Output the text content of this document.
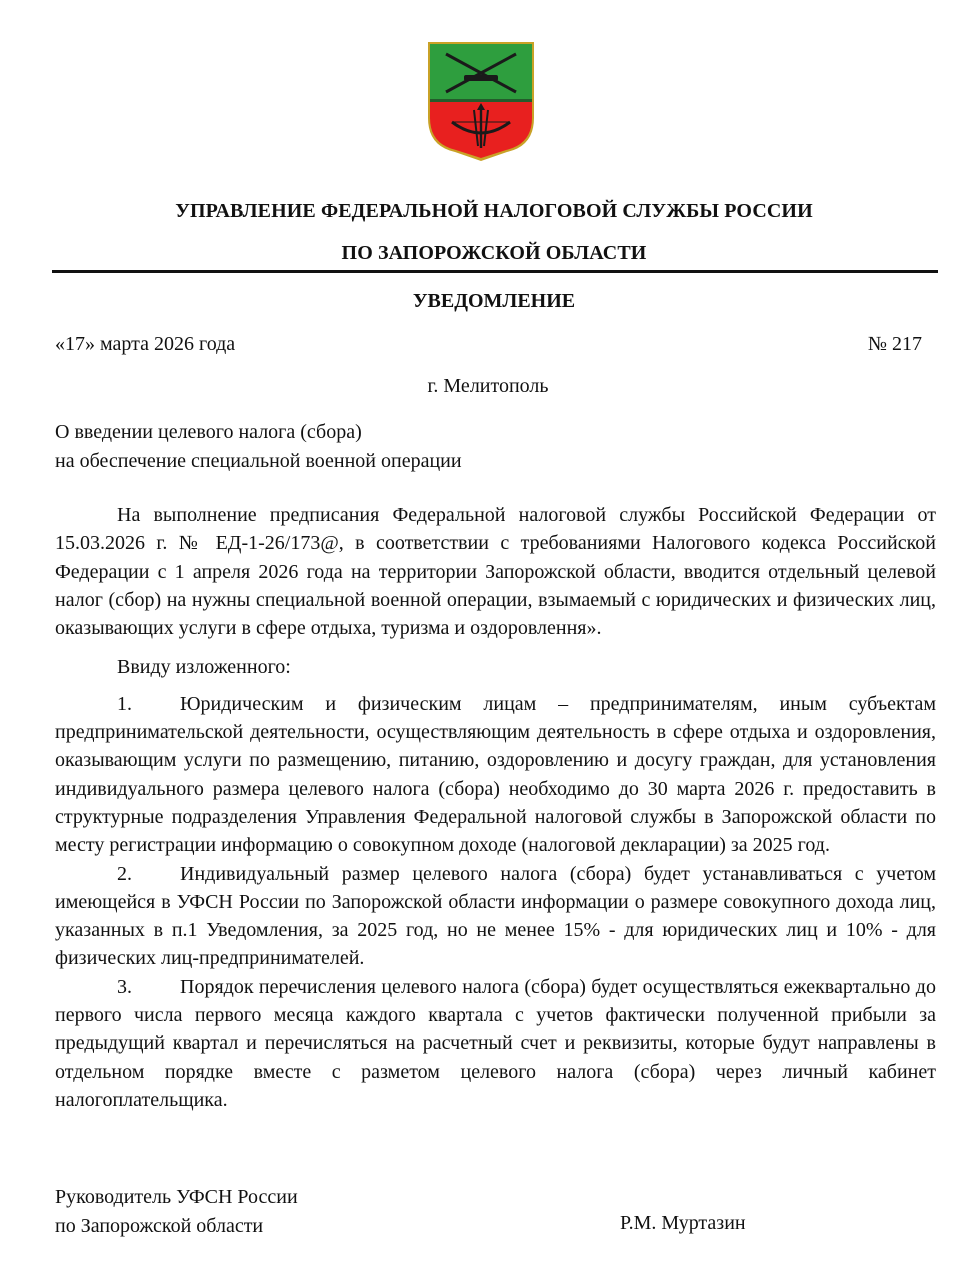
УПРАВЛЕНИЕ ФЕДЕРАЛЬНОЙ НАЛОГОВОЙ СЛУЖБЫ РОССИИ
ПО ЗАПОРОЖСКОЙ ОБЛАСТИ
УВЕДОМЛЕНИЕ
«17» марта 2026 года	№ 217
г. Мелитополь
О введении целевого налога (сбора)
на обеспечение специальной военной операции

На выполнение предписания Федеральной налоговой службы Российской Федерации от 15.03.2026 г. № ЕД-1-26/173@, в соответствии с требованиями Налогового кодекса Российской Федерации с 1 апреля 2026 года на территории Запорожской области, вводится отдельный целевой налог (сбор) на нужны специальной военной операции, взымаемый с юридических и физических лиц, оказывающих услуги в сфере отдыха, туризма и оздоровлення».

Ввиду изложенного:

1. Юридическим и физическим лицам – предпринимателям, иным субъектам предпринимательской деятельности, осуществляющим деятельность в сфере отдыха и оздоровления, оказывающим услуги по размещению, питанию, оздоровлению и досугу граждан, для установления индивидуального размера целевого налога (сбора) необходимо до 30 марта 2026 г. предоставить в структурные подразделения Управления Федеральной налоговой службы в Запорожской области по месту регистрации информацию о совокупном доходе (налоговой декларации) за 2025 год.

2. Индивидуальный размер целевого налога (сбора) будет устанавливаться с учетом имеющейся в УФСН России по Запорожской области информации о размере совокупного дохода лиц, указанных в п.1 Уведомления, за 2025 год, но не менее 15% - для юридических лиц и 10% - для физических лиц-предпринимателей.

3. Порядок перечисления целевого налога (сбора) будет осуществляться ежеквартально до первого числа первого месяца каждого квартала с учетов фактически полученной прибыли за предыдущий квартал и перечисляться на расчетный счет и реквизиты, которые будут направлены в отдельном порядке вместе с разметом целевого налога (сбора) через личный кабинет налогоплательщика.

Руководитель УФСН России
по Запорожской области	Р.М. Муртазин
